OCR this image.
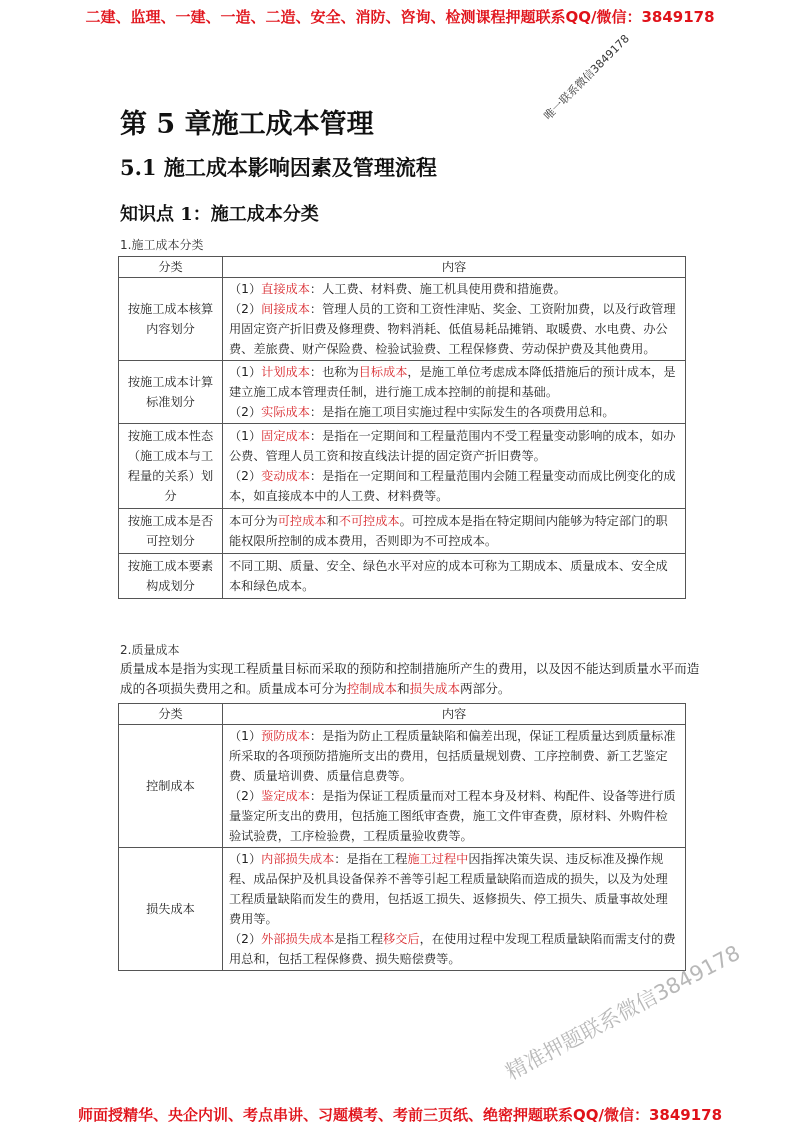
二建、监理、一建、一造、二造、安全、消防、咨询、检测课程押题联系QQ/微信：3849178
唯一联系微信3849178
第 5 章施工成本管理
5.1 施工成本影响因素及管理流程
知识点 1：施工成本分类
1.施工成本分类
分类	内容
按施工成本核算内容划分	（1）直接成本：人工费、材料费、施工机具使用费和措施费。
（2）间接成本：管理人员的工资和工资性津贴、奖金、工资附加费，以及行政管理用固定资产折旧费及修理费、物料消耗、低值易耗品摊销、取暖费、水电费、办公费、差旅费、财产保险费、检验试验费、工程保修费、劳动保护费及其他费用。

按施工成本计算标准划分	（1）计划成本：也称为目标成本，是施工单位考虑成本降低措施后的预计成本，是建立施工成本管理责任制，进行施工成本控制的前提和基础。
（2）实际成本：是指在施工项目实施过程中实际发生的各项费用总和。

按施工成本性态（施工成本与工程量的关系）划分	（1）固定成本：是指在一定期间和工程量范围内不受工程量变动影响的成本，如办公费、管理人员工资和按直线法计提的固定资产折旧费等。
（2）变动成本：是指在一定期间和工程量范围内会随工程量变动而成比例变化的成本，如直接成本中的人工费、材料费等。

按施工成本是否可控划分	本可分为可控成本和不可控成本。可控成本是指在特定期间内能够为特定部门的职能权限所控制的成本费用，否则即为不可控成本。

按施工成本要素构成划分	不同工期、质量、安全、绿色水平对应的成本可称为工期成本、质量成本、安全成本和绿色成本。
2.质量成本
质量成本是指为实现工程质量目标而采取的预防和控制措施所产生的费用，以及因不能达到质量水平而造成的各项损失费用之和。质量成本可分为控制成本和损失成本两部分。
分类	内容
控制成本	（1）预防成本：是指为防止工程质量缺陷和偏差出现，保证工程质量达到质量标准所采取的各项预防措施所支出的费用，包括质量规划费、工序控制费、新工艺鉴定费、质量培训费、质量信息费等。
（2）鉴定成本：是指为保证工程质量而对工程本身及材料、构配件、设备等进行质量鉴定所支出的费用，包括施工图纸审查费，施工文件审查费，原材料、外购件检验试验费，工序检验费，工程质量验收费等。

损失成本	（1）内部损失成本：是指在工程施工过程中因指挥决策失误、违反标准及操作规程、成品保护及机具设备保养不善等引起工程质量缺陷而造成的损失，以及为处理工程质量缺陷而发生的费用，包括返工损失、返修损失、停工损失、质量事故处理费用等。
（2）外部损失成本是指工程移交后，在使用过程中发现工程质量缺陷而需支付的费用总和，包括工程保修费、损失赔偿费等。	精准押题联系微信3849178
师面授精华、央企内训、考点串讲、习题模考、考前三页纸、绝密押题联系QQ/微信：3849178
